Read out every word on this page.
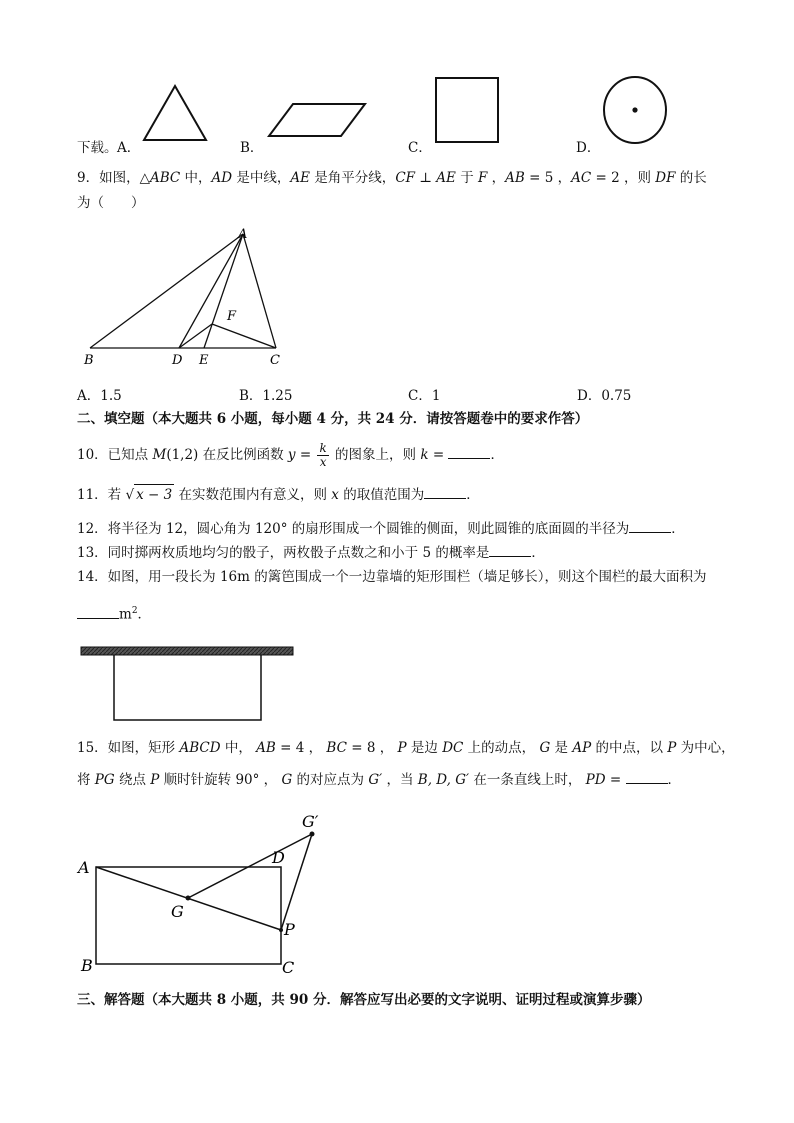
下载。 A．	B．	C．	D．
9．如图，△ABC 中，AD 是中线，AE 是角平分线，CF ⊥ AE 于 F ，AB = 5 ，AC = 2 ，则 DF 的长
为（　　）
A
F
B	D E	C
A．1.5	B．1.25	C．1	D．0.75
二、填空题（本大题共 6 小题，每小题 4 分，共 24 分．请按答题卷中的要求作答）
10．已知点 M(1,2) 在反比例函数 $y = \frac{k}{x}$ 的图象上，则 k =	．
11．若 √ x − 3 在实数范围内有意义，则 x 的取值范围为	．
12．将半径为 12，圆心角为 120° 的扇形围成一个圆锥的侧面，则此圆锥的底面圆的半径为	．
13．同时掷两枚质地均匀的骰子，两枚骰子点数之和小于 5 的概率是	．
14．如图，用一段长为 16m 的篱笆围成一个一边靠墙的矩形围栏（墙足够长），则这个围栏的最大面积为
$m^2$．
15．如图，矩形 ABCD 中， AB = 4 ， BC = 8 ， P 是边 DC 上的动点， G 是 AP 的中点，以 P 为中心，
将 PG 绕点 P 顺时针旋转 90° ， G 的对应点为 G′ ，当 B, D, G′ 在一条直线上时， PD =	．
G′
D
A
G
P
B	C
三、解答题（本大题共 8 小题，共 90 分．解答应写出必要的文字说明、证明过程或演算步骤）
